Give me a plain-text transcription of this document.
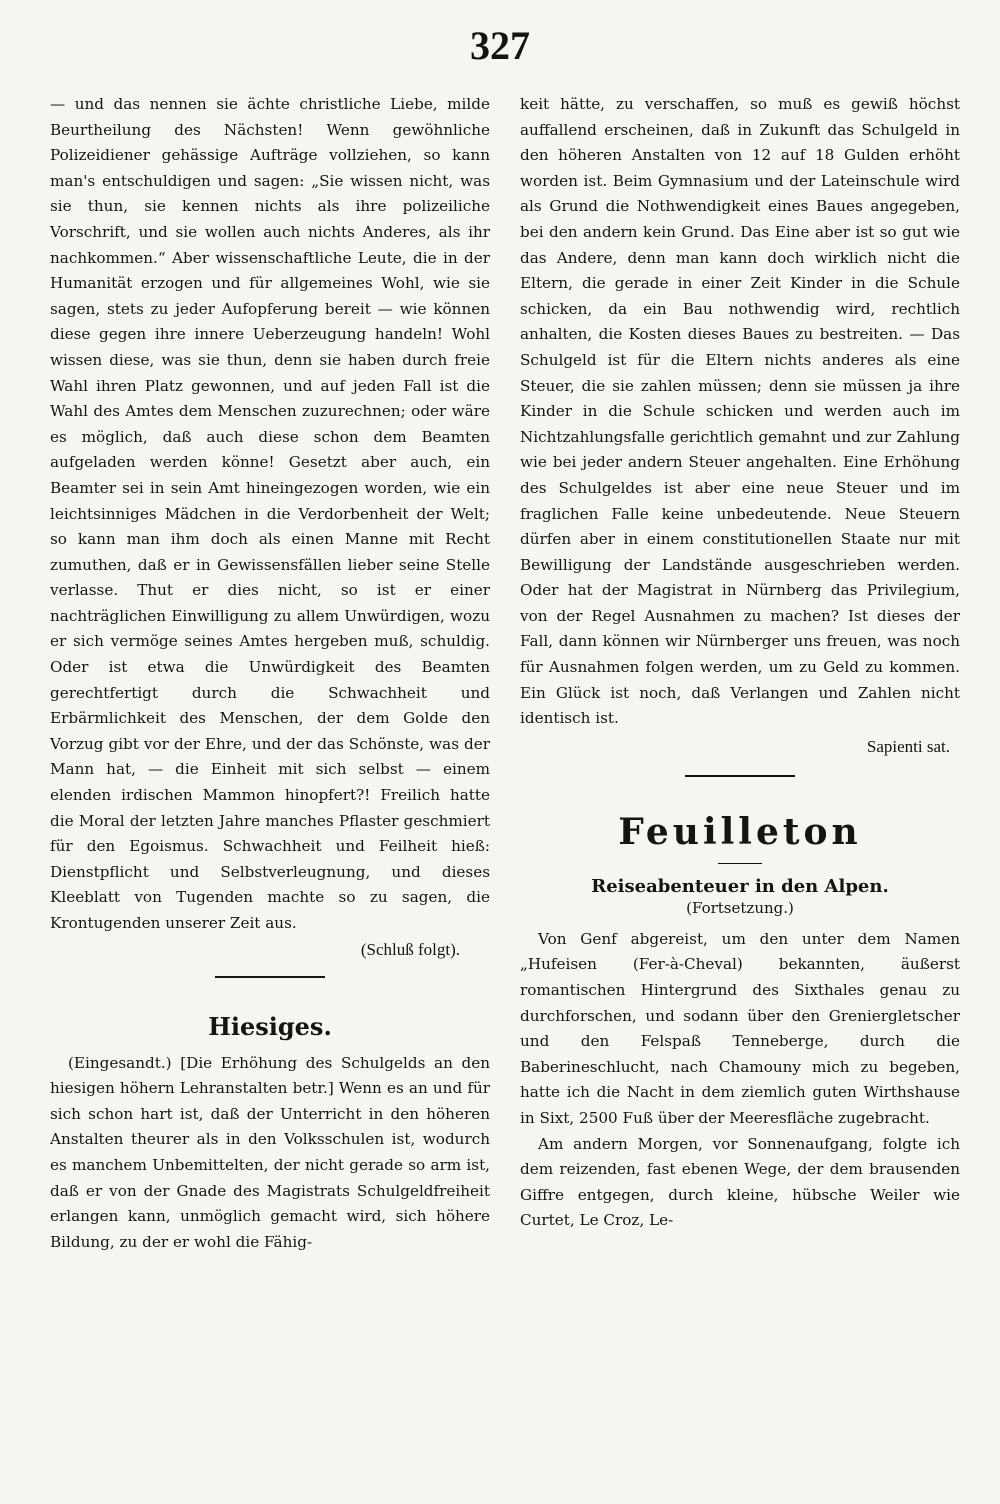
327

— und das nennen sie ächte christliche Liebe, milde Beurtheilung des Nächsten! Wenn gewöhnliche Polizeidiener gehässige Aufträge vollziehen, so kann man's entschuldigen und sagen: „Sie wissen nicht, was sie thun, sie kennen nichts als ihre polizeiliche Vorschrift, und sie wollen auch nichts Anderes, als ihr nachkommen.“ Aber wissenschaftliche Leute, die in der Humanität erzogen und für allgemeines Wohl, wie sie sagen, stets zu jeder Aufopferung bereit — wie können diese gegen ihre innere Ueberzeugung handeln! Wohl wissen diese, was sie thun, denn sie haben durch freie Wahl ihren Platz gewonnen, und auf jeden Fall ist die Wahl des Amtes dem Menschen zuzurechnen; oder wäre es möglich, daß auch diese schon dem Beamten aufgeladen werden könne! Gesetzt aber auch, ein Beamter sei in sein Amt hineingezogen worden, wie ein leichtsinniges Mädchen in die Verdorbenheit der Welt; so kann man ihm doch als einen Manne mit Recht zumuthen, daß er in Gewissensfällen lieber seine Stelle verlasse. Thut er dies nicht, so ist er einer nachträglichen Einwilligung zu allem Unwürdigen, wozu er sich vermöge seines Amtes hergeben muß, schuldig. Oder ist etwa die Unwürdigkeit des Beamten gerechtfertigt durch die Schwachheit und Erbärmlichkeit des Menschen, der dem Golde den Vorzug gibt vor der Ehre, und der das Schönste, was der Mann hat, — die Einheit mit sich selbst — einem elenden irdischen Mammon hinopfert?! Freilich hatte die Moral der letzten Jahre manches Pflaster geschmiert für den Egoismus. Schwachheit und Feilheit hieß: Dienstpflicht und Selbstverleugnung, und dieses Kleeblatt von Tugenden machte so zu sagen, die Krontugenden unserer Zeit aus.

(Schluß folgt).
Hiesiges.

(Eingesandt.) [Die Erhöhung des Schulgelds an den hiesigen höhern Lehranstalten betr.] Wenn es an und für sich schon hart ist, daß der Unterricht in den höheren Anstalten theurer als in den Volksschulen ist, wodurch es manchem Unbemittelten, der nicht gerade so arm ist, daß er von der Gnade des Magistrats Schulgeldfreiheit erlangen kann, unmöglich gemacht wird, sich höhere Bildung, zu der er wohl die Fähig-

keit hätte, zu verschaffen, so muß es gewiß höchst auffallend erscheinen, daß in Zukunft das Schulgeld in den höheren Anstalten von 12 auf 18 Gulden erhöht worden ist. Beim Gymnasium und der Lateinschule wird als Grund die Nothwendigkeit eines Baues angegeben, bei den andern kein Grund. Das Eine aber ist so gut wie das Andere, denn man kann doch wirklich nicht die Eltern, die gerade in einer Zeit Kinder in die Schule schicken, da ein Bau nothwendig wird, rechtlich anhalten, die Kosten dieses Baues zu bestreiten. — Das Schulgeld ist für die Eltern nichts anderes als eine Steuer, die sie zahlen müssen; denn sie müssen ja ihre Kinder in die Schule schicken und werden auch im Nichtzahlungsfalle gerichtlich gemahnt und zur Zahlung wie bei jeder andern Steuer angehalten. Eine Erhöhung des Schulgeldes ist aber eine neue Steuer und im fraglichen Falle keine unbedeutende. Neue Steuern dürfen aber in einem constitutionellen Staate nur mit Bewilligung der Landstände ausgeschrieben werden. Oder hat der Magistrat in Nürnberg das Privilegium, von der Regel Ausnahmen zu machen? Ist dieses der Fall, dann können wir Nürnberger uns freuen, was noch für Ausnahmen folgen werden, um zu Geld zu kommen. Ein Glück ist noch, daß Verlangen und Zahlen nicht identisch ist.

Sapienti sat.
Feuilleton
Reiseabenteuer in den Alpen.
(Fortsetzung.)

Von Genf abgereist, um den unter dem Namen „Hufeisen (Fer-à-Cheval) bekannten, äußerst romantischen Hintergrund des Sixthales genau zu durchforschen, und sodann über den Greniergletscher und den Felspaß Tenneberge, durch die Baberineschlucht, nach Chamouny mich zu begeben, hatte ich die Nacht in dem ziemlich guten Wirthshause in Sixt, 2500 Fuß über der Meeresfläche zugebracht.

Am andern Morgen, vor Sonnenaufgang, folgte ich dem reizenden, fast ebenen Wege, der dem brausenden Giffre entgegen, durch kleine, hübsche Weiler wie Curtet, Le Croz, Le-
